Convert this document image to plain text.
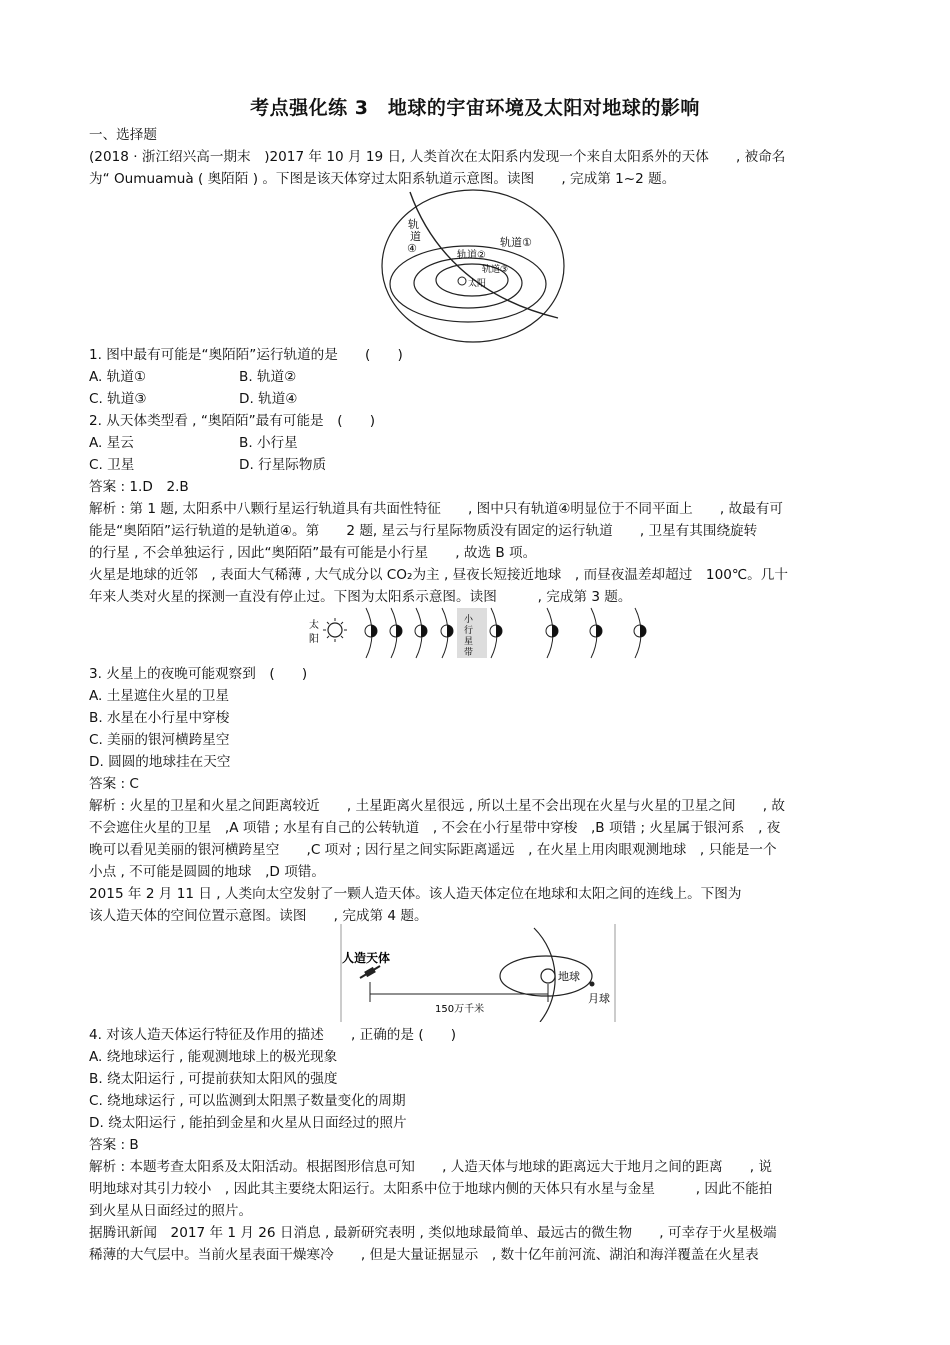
考点强化练 3　地球的宇宙环境及太阳对地球的影响
一、选择题
(2018 · 浙江绍兴高一期末　)2017 年 10 月 19 日, 人类首次在太阳系内发现一个来自太阳系外的天体　　, 被命名
为“ Oumuamuà ( 奥陌陌 ) 。下图是该天体穿过太阳系轨道示意图。读图　　, 完成第 1~2 题。
轨
道
④	轨道①
轨道②
轨道③
太阳
1. 图中最有可能是“奥陌陌”运行轨道的是　　(　　)
A. 轨道①	B. 轨道②
C. 轨道③	D. 轨道④
2. 从天体类型看 , “奥陌陌”最有可能是　(　　)
A. 星云	B. 小行星
C. 卫星	D. 行星际物质
答案 : 1.D　2.B
解析 : 第 1 题, 太阳系中八颗行星运行轨道具有共面性特征　　, 图中只有轨道④明显位于不同平面上　　, 故最有可
能是“奥陌陌”运行轨道的是轨道④。第　　2 题, 星云与行星际物质没有固定的运行轨道　　, 卫星有其围绕旋转
的行星 , 不会单独运行 , 因此“奥陌陌”最有可能是小行星　　, 故选 B 项。
火星是地球的近邻　, 表面大气稀薄 , 大气成分以 CO₂为主 , 昼夜长短接近地球　, 而昼夜温差却超过　100℃。几十
年来人类对火星的探测一直没有停止过。下图为太阳系示意图。读图　　　, 完成第 3 题。
太
阳
小
行
星
带
3. 火星上的夜晚可能观察到　(　　)
A. 土星遮住火星的卫星
B. 水星在小行星中穿梭
C. 美丽的银河横跨星空
D. 圆圆的地球挂在天空
答案 : C
解析 : 火星的卫星和火星之间距离较近　　, 土星距离火星很远 , 所以土星不会出现在火星与火星的卫星之间　　, 故
不会遮住火星的卫星　,A 项错 ; 水星有自己的公转轨道　, 不会在小行星带中穿梭　,B 项错 ; 火星属于银河系　, 夜
晚可以看见美丽的银河横跨星空　　,C 项对 ; 因行星之间实际距离遥远　, 在火星上用肉眼观测地球　, 只能是一个
小点 , 不可能是圆圆的地球　,D 项错。
2015 年 2 月 11 日 , 人类向太空发射了一颗人造天体。该人造天体定位在地球和太阳之间的连线上。下图为
该人造天体的空间位置示意图。读图　　, 完成第 4 题。
人造天体
地球
月球
150万千米
4. 对该人造天体运行特征及作用的描述　　, 正确的是 (　　)
A. 绕地球运行 , 能观测地球上的极光现象
B. 绕太阳运行 , 可提前获知太阳风的强度
C. 绕地球运行 , 可以监测到太阳黑子数量变化的周期
D. 绕太阳运行 , 能拍到金星和火星从日面经过的照片
答案 : B
解析 : 本题考查太阳系及太阳活动。根据图形信息可知　　, 人造天体与地球的距离远大于地月之间的距离　　, 说
明地球对其引力较小　, 因此其主要绕太阳运行。太阳系中位于地球内侧的天体只有水星与金星　　　, 因此不能拍
到火星从日面经过的照片。
据腾讯新闻　2017 年 1 月 26 日消息 , 最新研究表明 , 类似地球最简单、最远古的微生物　　, 可幸存于火星极端
稀薄的大气层中。当前火星表面干燥寒冷　　, 但是大量证据显示　, 数十亿年前河流、湖泊和海洋覆盖在火星表
